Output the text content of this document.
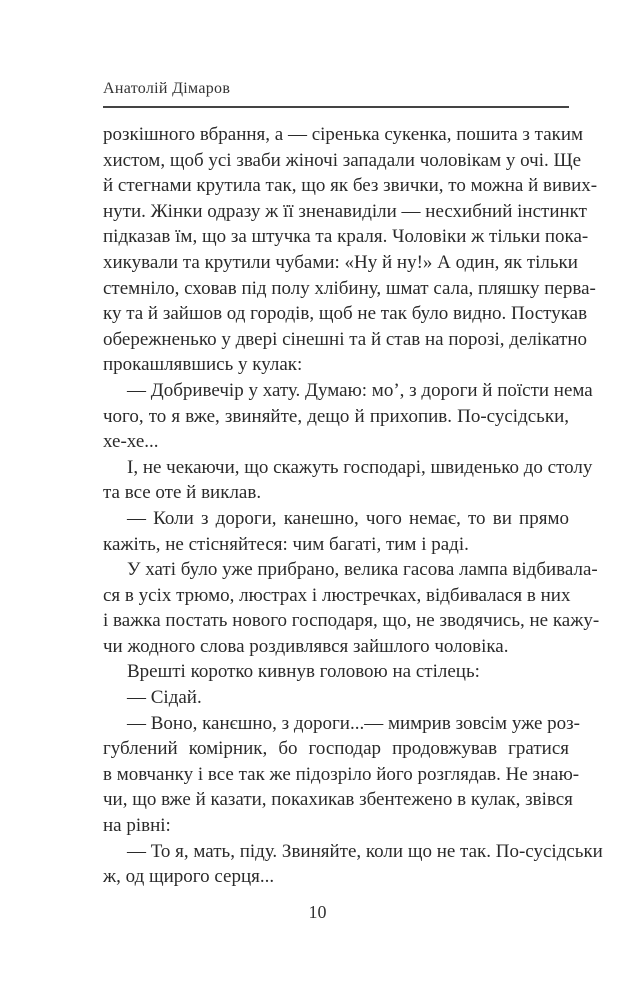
Анатолій Дімаров
розкішного вбрання, а — сіренька сукенка, пошита з таким
хистом, щоб усі зваби жіночі западали чоловікам у очі. Ще
й стегнами крутила так, що як без звички, то можна й вивих-
нути. Жінки одразу ж її зненавиділи — несхибний інстинкт
підказав їм, що за штучка та краля. Чоловіки ж тільки пока-
хикували та крутили чубами: «Ну й ну!» А один, як тільки
стемніло, сховав під полу хлібину, шмат сала, пляшку перва-
ку та й зайшов од городів, щоб не так було видно. Постукав
обережненько у двері сінешні та й став на порозі, делікатно
прокашлявшись у кулак:
— Добривечір у хату. Думаю: мо’, з дороги й поїсти нема
чого, то я вже, звиняйте, дещо й прихопив. По-сусідськи,
хе-хе...
І, не чекаючи, що скажуть господарі, швиденько до столу
та все оте й виклав.
— Коли з дороги, канешно, чого немає, то ви прямо
кажіть, не стісняйтеся: чим багаті, тим і раді.
У хаті було уже прибрано, велика гасова лампа відбивала-
ся в усіх трюмо, люстрах і люстречках, відбивалася в них
і важка постать нового господаря, що, не зводячись, не кажу-
чи жодного слова роздивлявся зайшлого чоловіка.
Врешті коротко кивнув головою на стілець:
— Сідай.
— Воно, канєшно, з дороги...— мимрив зовсім уже роз-
гублений комірник, бо господар продовжував гратися
в мовчанку і все так же підозріло його розглядав. Не знаю-
чи, що вже й казати, покахикав збентежено в кулак, звівся
на рівні:
— То я, мать, піду. Звиняйте, коли що не так. По-сусідськи
ж, од щирого серця...
10
